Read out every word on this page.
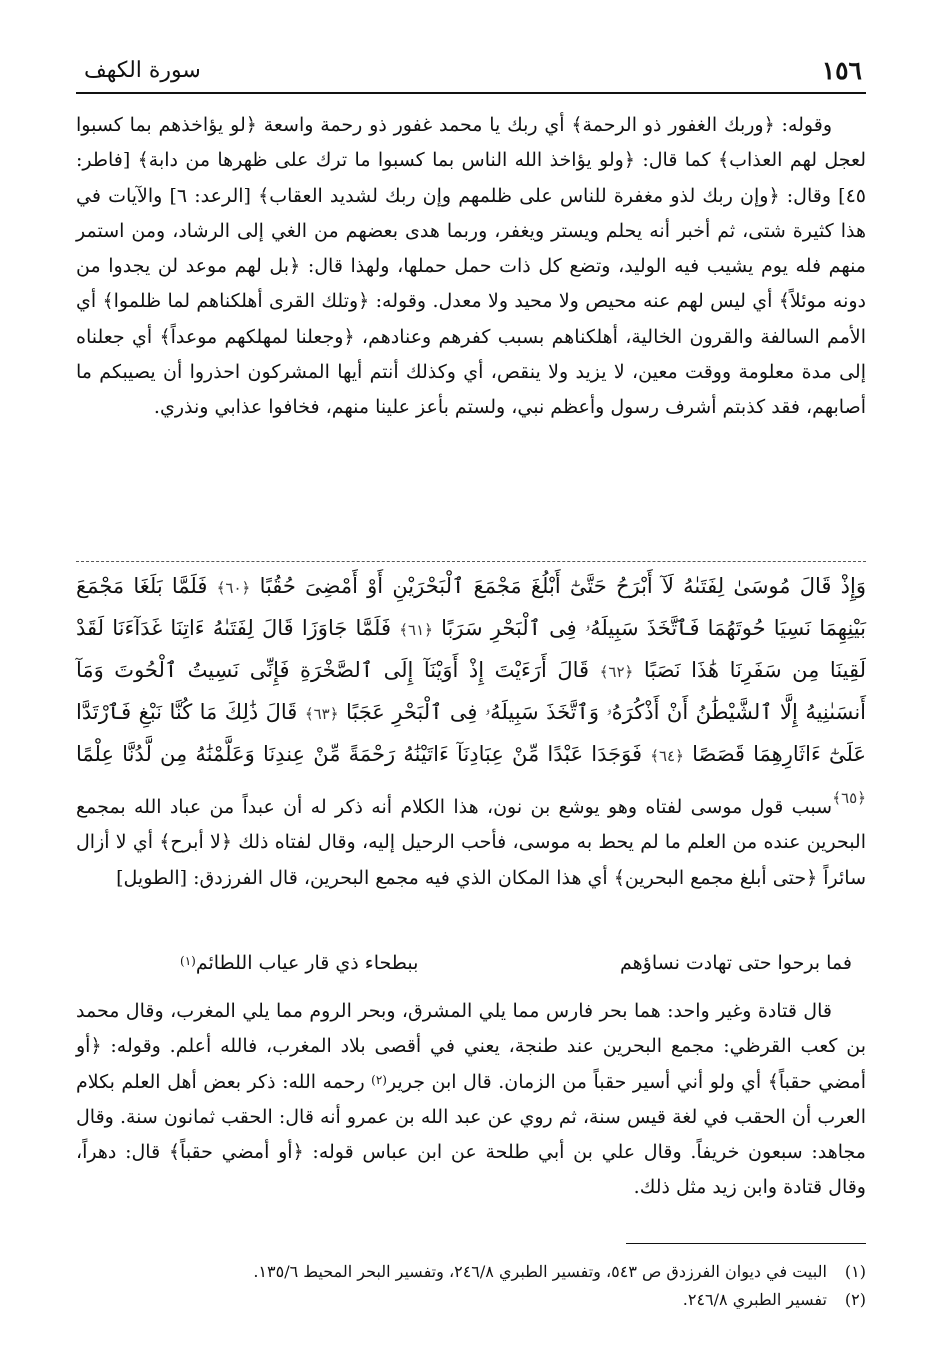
١٥٦
سورة الكهف

وقوله: ﴿وربك الغفور ذو الرحمة﴾ أي ربك يا محمد غفور ذو رحمة واسعة ﴿لو يؤاخذهم بما كسبوا لعجل لهم العذاب﴾ كما قال: ﴿ولو يؤاخذ الله الناس بما كسبوا ما ترك على ظهرها من دابة﴾ [فاطر: ٤٥] وقال: ﴿وإن ربك لذو مغفرة للناس على ظلمهم وإن ربك لشديد العقاب﴾ [الرعد: ٦] والآيات في هذا كثيرة شتى، ثم أخبر أنه يحلم ويستر ويغفر، وربما هدى بعضهم من الغي إلى الرشاد، ومن استمر منهم فله يوم يشيب فيه الوليد، وتضع كل ذات حمل حملها، ولهذا قال: ﴿بل لهم موعد لن يجدوا من دونه موئلاً﴾ أي ليس لهم عنه محيص ولا محيد ولا معدل. وقوله: ﴿وتلك القرى أهلكناهم لما ظلموا﴾ أي الأمم السالفة والقرون الخالية، أهلكناهم بسبب كفرهم وعنادهم، ﴿وجعلنا لمهلكهم موعداً﴾ أي جعلناه إلى مدة معلومة ووقت معين، لا يزيد ولا ينقص، أي وكذلك أنتم أيها المشركون احذروا أن يصيبكم ما أصابهم، فقد كذبتم أشرف رسول وأعظم نبي، ولستم بأعز علينا منهم، فخافوا عذابي ونذري.

وَإِذْ قَالَ مُوسَىٰ لِفَتَىٰهُ لَآ أَبْرَحُ حَتَّىٰٓ أَبْلُغَ مَجْمَعَ ٱلْبَحْرَيْنِ أَوْ أَمْضِىَ حُقُبًا ﴿٦٠﴾ فَلَمَّا بَلَغَا مَجْمَعَ بَيْنِهِمَا نَسِيَا حُوتَهُمَا فَٱتَّخَذَ سَبِيلَهُۥ فِى ٱلْبَحْرِ سَرَبًا ﴿٦١﴾ فَلَمَّا جَاوَزَا قَالَ لِفَتَىٰهُ ءَاتِنَا غَدَآءَنَا لَقَدْ لَقِينَا مِن سَفَرِنَا هَٰذَا نَصَبًا ﴿٦٢﴾ قَالَ أَرَءَيْتَ إِذْ أَوَيْنَآ إِلَى ٱلصَّخْرَةِ فَإِنِّى نَسِيتُ ٱلْحُوتَ وَمَآ أَنسَىٰنِيهُ إِلَّا ٱلشَّيْطَٰنُ أَنْ أَذْكُرَهُۥ وَٱتَّخَذَ سَبِيلَهُۥ فِى ٱلْبَحْرِ عَجَبًا ﴿٦٣﴾ قَالَ ذَٰلِكَ مَا كُنَّا نَبْغِ فَٱرْتَدَّا عَلَىٰٓ ءَاثَارِهِمَا قَصَصًا ﴿٦٤﴾ فَوَجَدَا عَبْدًا مِّنْ عِبَادِنَآ ءَاتَيْنَٰهُ رَحْمَةً مِّنْ عِندِنَا وَعَلَّمْنَٰهُ مِن لَّدُنَّا عِلْمًا ﴿٦٥﴾

سبب قول موسى لفتاه وهو يوشع بن نون، هذا الكلام أنه ذكر له أن عبداً من عباد الله بمجمع البحرين عنده من العلم ما لم يحط به موسى، فأحب الرحيل إليه، وقال لفتاه ذلك ﴿لا أبرح﴾ أي لا أزال سائراً ﴿حتى أبلغ مجمع البحرين﴾ أي هذا المكان الذي فيه مجمع البحرين، قال الفرزدق: [الطويل]

فما برحوا حتى تهادت نساؤهم
ببطحاء ذي قار عياب اللطائم$^{(١)}$

قال قتادة وغير واحد: هما بحر فارس مما يلي المشرق، وبحر الروم مما يلي المغرب، وقال محمد بن كعب القرظي: مجمع البحرين عند طنجة، يعني في أقصى بلاد المغرب، فالله أعلم. وقوله: ﴿أو أمضي حقباً﴾ أي ولو أني أسير حقباً من الزمان. قال ابن جرير$^{(٢)}$ رحمه الله: ذكر بعض أهل العلم بكلام العرب أن الحقب في لغة قيس سنة، ثم روي عن عبد الله بن عمرو أنه قال: الحقب ثمانون سنة. وقال مجاهد: سبعون خريفاً. وقال علي بن أبي طلحة عن ابن عباس قوله: ﴿أو أمضي حقباً﴾ قال: دهراً، وقال قتادة وابن زيد مثل ذلك.

(١) البيت في ديوان الفرزدق ص ٥٤٣، وتفسير الطبري ٢٤٦/٨، وتفسير البحر المحيط ١٣٥/٦.
(٢) تفسير الطبري ٢٤٦/٨.
